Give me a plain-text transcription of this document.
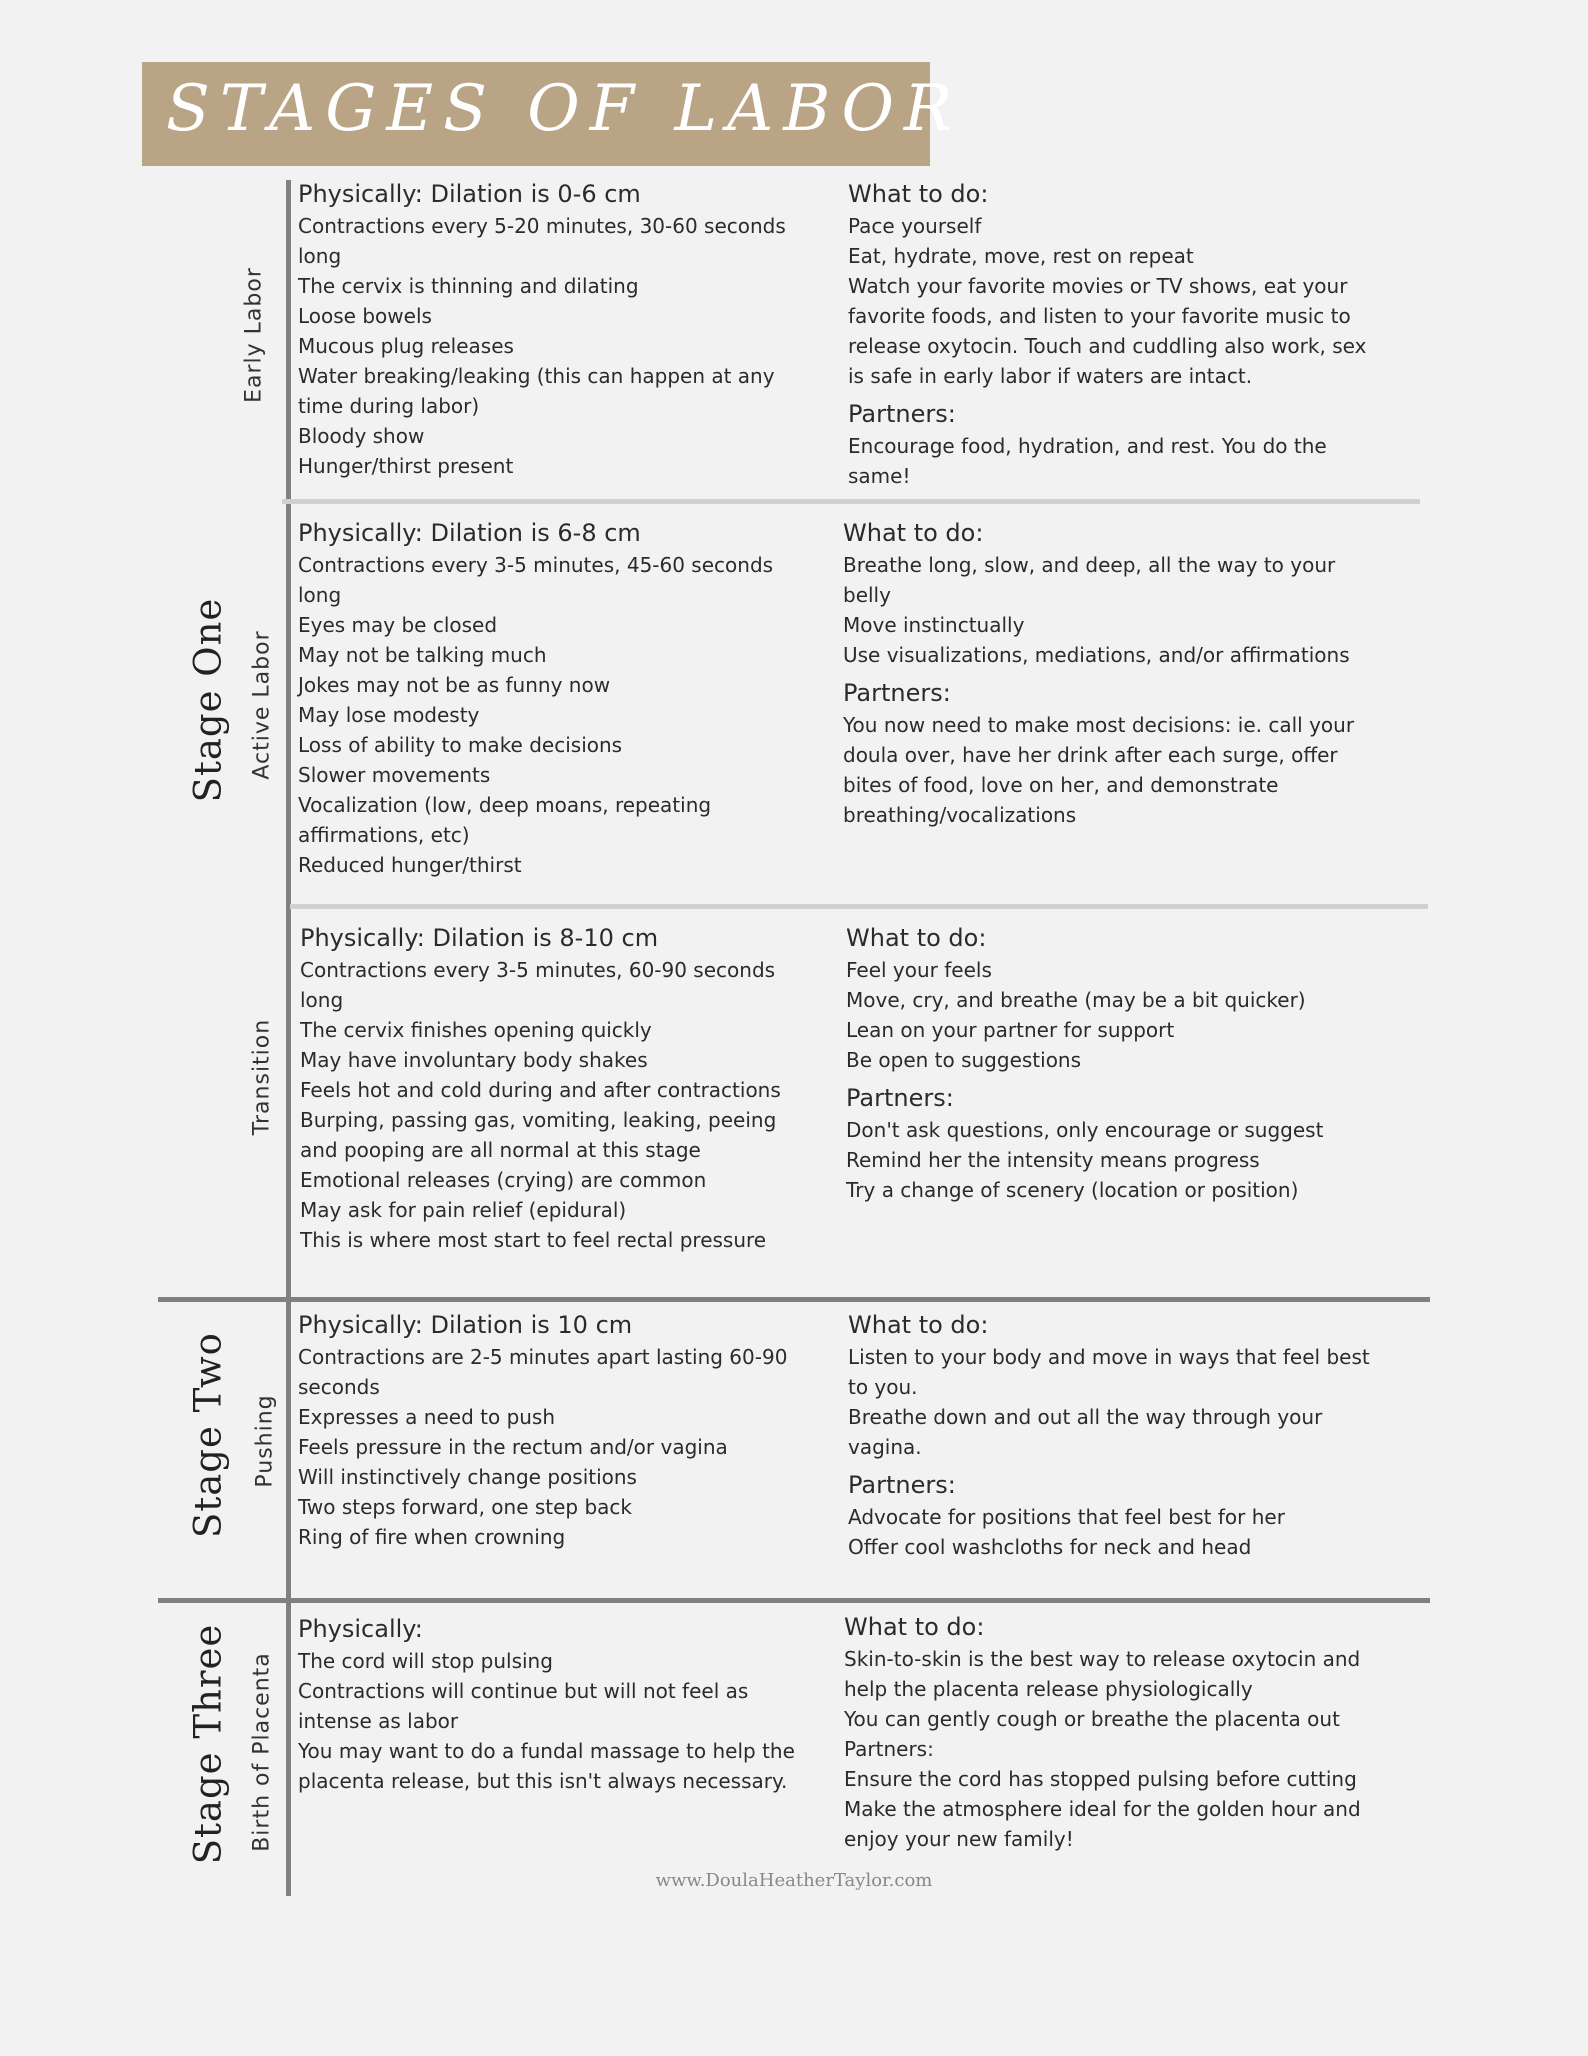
STAGES OF LABOR
Stage One
Stage Two
Stage Three
Early Labor
Active Labor
Transition
Pushing
Birth of Placenta
Physically: Dilation is 0-6 cm
Contractions every 5-20 minutes, 30-60 seconds
long
The cervix is thinning and dilating
Loose bowels
Mucous plug releases
Water breaking/leaking (this can happen at any
time during labor)
Bloody show
Hunger/thirst present
What to do:
Pace yourself
Eat, hydrate, move, rest on repeat
Watch your favorite movies or TV shows, eat your
favorite foods, and listen to your favorite music to
release oxytocin. Touch and cuddling also work, sex
is safe in early labor if waters are intact.
Partners:
Encourage food, hydration, and rest. You do the
same!
Physically: Dilation is 6-8 cm
Contractions every 3-5 minutes, 45-60 seconds
long
Eyes may be closed
May not be talking much
Jokes may not be as funny now
May lose modesty
Loss of ability to make decisions
Slower movements
Vocalization (low, deep moans, repeating
affirmations, etc)
Reduced hunger/thirst
What to do:
Breathe long, slow, and deep, all the way to your
belly
Move instinctually
Use visualizations, mediations, and/or affirmations
Partners:
You now need to make most decisions: ie. call your
doula over, have her drink after each surge, offer
bites of food, love on her, and demonstrate
breathing/vocalizations
Physically: Dilation is 8-10 cm
Contractions every 3-5 minutes, 60-90 seconds
long
The cervix finishes opening quickly
May have involuntary body shakes
Feels hot and cold during and after contractions
Burping, passing gas, vomiting, leaking, peeing
and pooping are all normal at this stage
Emotional releases (crying) are common
May ask for pain relief (epidural)
This is where most start to feel rectal pressure
What to do:
Feel your feels
Move, cry, and breathe (may be a bit quicker)
Lean on your partner for support
Be open to suggestions
Partners:
Don't ask questions, only encourage or suggest
Remind her the intensity means progress
Try a change of scenery (location or position)
Physically: Dilation is 10 cm
Contractions are 2-5 minutes apart lasting 60-90
seconds
Expresses a need to push
Feels pressure in the rectum and/or vagina
Will instinctively change positions
Two steps forward, one step back
Ring of fire when crowning
What to do:
Listen to your body and move in ways that feel best
to you.
Breathe down and out all the way through your
vagina.
Partners:
Advocate for positions that feel best for her
Offer cool washcloths for neck and head
Physically:
The cord will stop pulsing
Contractions will continue but will not feel as
intense as labor
You may want to do a fundal massage to help the
placenta release, but this isn't always necessary.
What to do:
Skin-to-skin is the best way to release oxytocin and
help the placenta release physiologically
You can gently cough or breathe the placenta out
Partners:
Ensure the cord has stopped pulsing before cutting
Make the atmosphere ideal for the golden hour and
enjoy your new family!
www.DoulaHeatherTaylor.com
